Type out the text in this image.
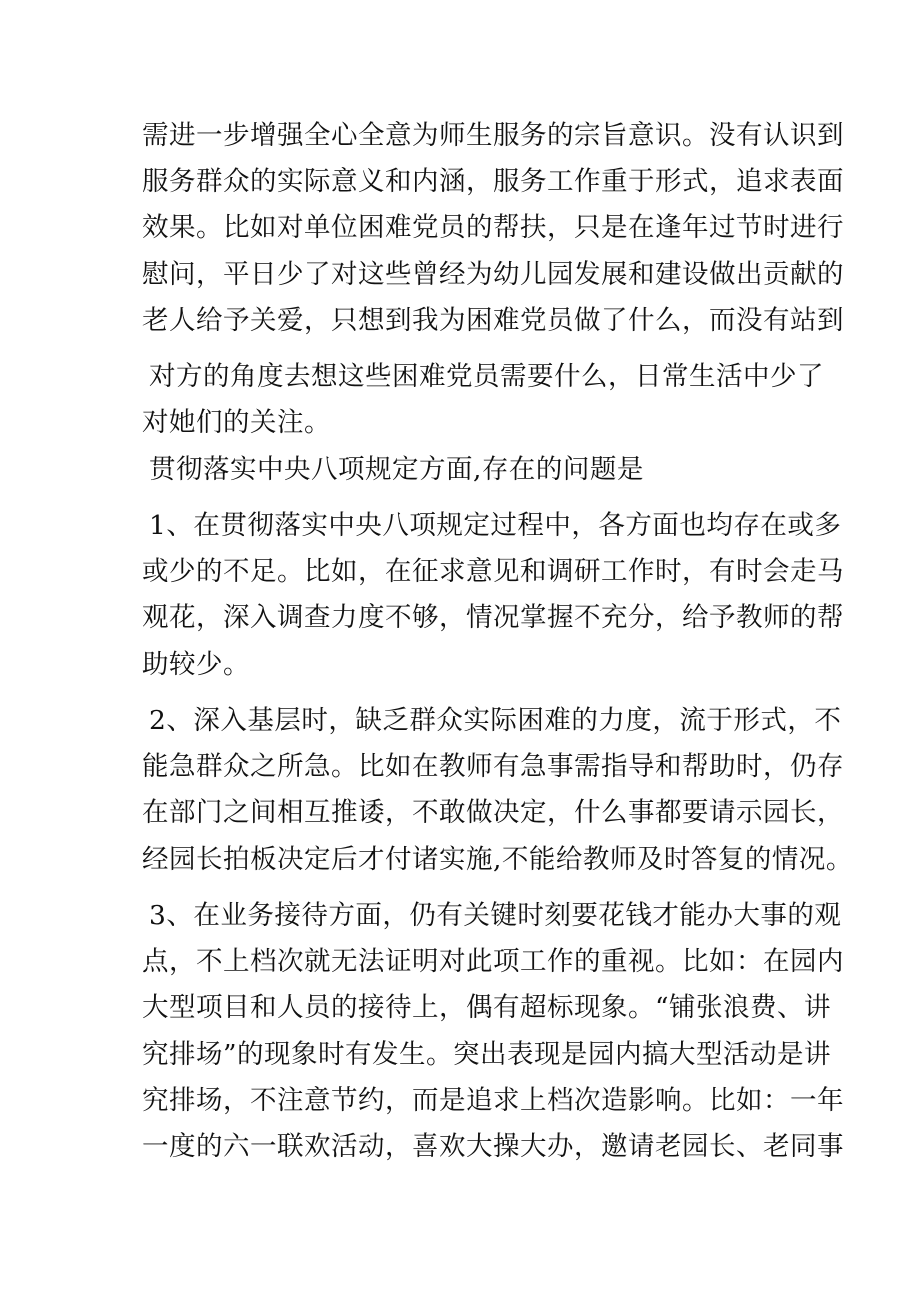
需进一步增强全心全意为师生服务的宗旨意识。没有认识到
服务群众的实际意义和内涵，服务工作重于形式，追求表面
效果。比如对单位困难党员的帮扶，只是在逢年过节时进行
慰问，平日少了对这些曾经为幼儿园发展和建设做出贡献的
老人给予关爱，只想到我为困难党员做了什么，而没有站到
对方的角度去想这些困难党员需要什么，日常生活中少了
对她们的关注。
贯彻落实中央八项规定方面,存在的问题是
1、在贯彻落实中央八项规定过程中，各方面也均存在或多
或少的不足。比如，在征求意见和调研工作时，有时会走马
观花，深入调查力度不够，情况掌握不充分，给予教师的帮
助较少。
2、深入基层时，缺乏群众实际困难的力度，流于形式，不
能急群众之所急。比如在教师有急事需指导和帮助时，仍存
在部门之间相互推诿，不敢做决定，什么事都要请示园长，
经园长拍板决定后才付诸实施,不能给教师及时答复的情况。
3、在业务接待方面，仍有关键时刻要花钱才能办大事的观
点，不上档次就无法证明对此项工作的重视。比如：在园内
大型项目和人员的接待上，偶有超标现象。“铺张浪费、讲
究排场”的现象时有发生。突出表现是园内搞大型活动是讲
究排场，不注意节约，而是追求上档次造影响。比如：一年
一度的六一联欢活动，喜欢大操大办，邀请老园长、老同事
